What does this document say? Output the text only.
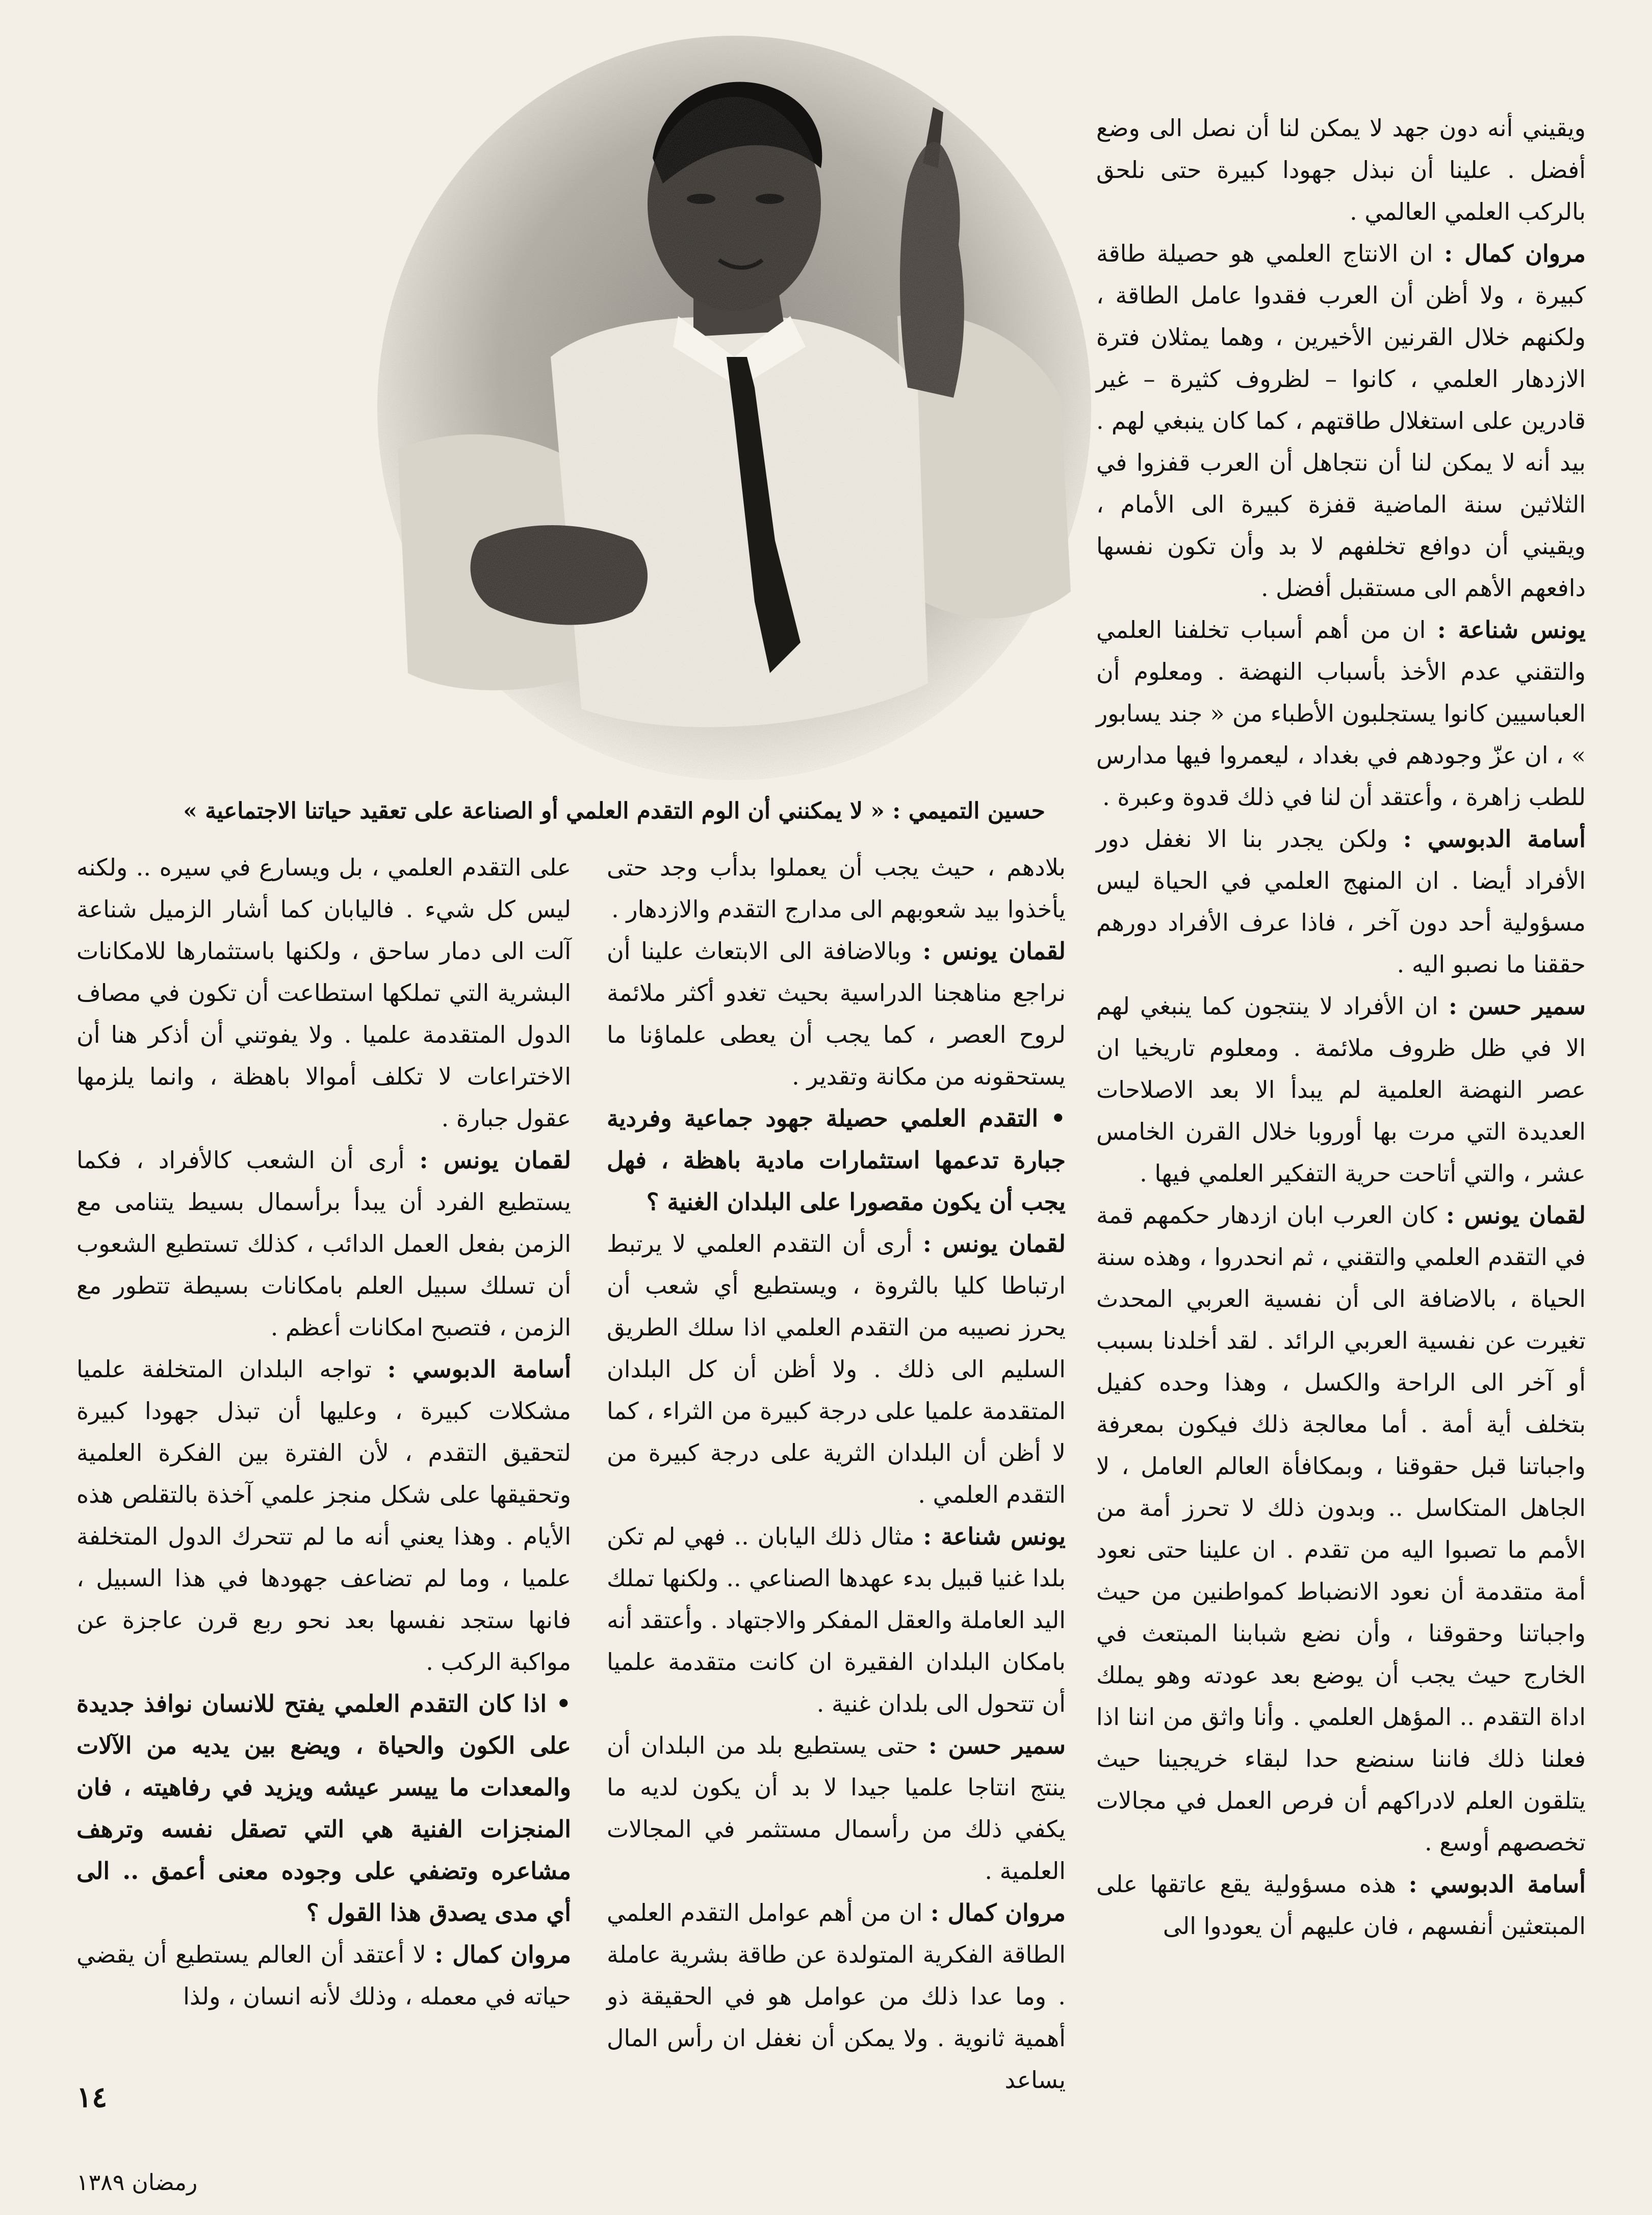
حسين التميمي : « لا يمكنني أن الوم التقدم العلمي أو الصناعة على تعقيد حياتنا الاجتماعية »

ويقيني أنه دون جهد لا يمكن لنا أن نصل الى وضع أفضل . علينا أن نبذل جهودا كبيرة حتى نلحق بالركب العلمي العالمي .

مروان كمال : ان الانتاج العلمي هو حصيلة طاقة كبيرة ، ولا أظن أن العرب فقدوا عامل الطاقة ، ولكنهم خلال القرنين الأخيرين ، وهما يمثلان فترة الازدهار العلمي ، كانوا – لظروف كثيرة – غير قادرين على استغلال طاقتهم ، كما كان ينبغي لهم . بيد أنه لا يمكن لنا أن نتجاهل أن العرب قفزوا في الثلاثين سنة الماضية قفزة كبيرة الى الأمام ، ويقيني أن دوافع تخلفهم لا بد وأن تكون نفسها دافعهم الأهم الى مستقبل أفضل .

يونس شناعة : ان من أهم أسباب تخلفنا العلمي والتقني عدم الأخذ بأسباب النهضة . ومعلوم أن العباسيين كانوا يستجلبون الأطباء من « جند يسابور » ، ان عزّ وجودهم في بغداد ، ليعمروا فيها مدارس للطب زاهرة ، وأعتقد أن لنا في ذلك قدوة وعبرة .

أسامة الدبوسي : ولكن يجدر بنا الا نغفل دور الأفراد أيضا . ان المنهج العلمي في الحياة ليس مسؤولية أحد دون آخر ، فاذا عرف الأفراد دورهم حققنا ما نصبو اليه .

سمير حسن : ان الأفراد لا ينتجون كما ينبغي لهم الا في ظل ظروف ملائمة . ومعلوم تاريخيا ان عصر النهضة العلمية لم يبدأ الا بعد الاصلاحات العديدة التي مرت بها أوروبا خلال القرن الخامس عشر ، والتي أتاحت حرية التفكير العلمي فيها .

لقمان يونس : كان العرب ابان ازدهار حكمهم قمة في التقدم العلمي والتقني ، ثم انحدروا ، وهذه سنة الحياة ، بالاضافة الى أن نفسية العربي المحدث تغيرت عن نفسية العربي الرائد . لقد أخلدنا بسبب أو آخر الى الراحة والكسل ، وهذا وحده كفيل بتخلف أية أمة . أما معالجة ذلك فيكون بمعرفة واجباتنا قبل حقوقنا ، وبمكافأة العالم العامل ، لا الجاهل المتكاسل .. وبدون ذلك لا تحرز أمة من الأمم ما تصبوا اليه من تقدم . ان علينا حتى نعود أمة متقدمة أن نعود الانضباط كمواطنين من حيث واجباتنا وحقوقنا ، وأن نضع شبابنا المبتعث في الخارج حيث يجب أن يوضع بعد عودته وهو يملك اداة التقدم .. المؤهل العلمي . وأنا واثق من اننا اذا فعلنا ذلك فاننا سنضع حدا لبقاء خريجينا حيث يتلقون العلم لادراكهم أن فرص العمل في مجالات تخصصهم أوسع .

أسامة الدبوسي : هذه مسؤولية يقع عاتقها على المبتعثين أنفسهم ، فان عليهم أن يعودوا الى

بلادهم ، حيث يجب أن يعملوا بدأب وجد حتى يأخذوا بيد شعوبهم الى مدارج التقدم والازدهار .

لقمان يونس : وبالاضافة الى الابتعاث علينا أن نراجع مناهجنا الدراسية بحيث تغدو أكثر ملائمة لروح العصر ، كما يجب أن يعطى علماؤنا ما يستحقونه من مكانة وتقدير .

• التقدم العلمي حصيلة جهود جماعية وفردية جبارة تدعمها استثمارات مادية باهظة ، فهل يجب أن يكون مقصورا على البلدان الغنية ؟

لقمان يونس : أرى أن التقدم العلمي لا يرتبط ارتباطا كليا بالثروة ، ويستطيع أي شعب أن يحرز نصيبه من التقدم العلمي اذا سلك الطريق السليم الى ذلك . ولا أظن أن كل البلدان المتقدمة علميا على درجة كبيرة من الثراء ، كما لا أظن أن البلدان الثرية على درجة كبيرة من التقدم العلمي .

يونس شناعة : مثال ذلك اليابان .. فهي لم تكن بلدا غنيا قبيل بدء عهدها الصناعي .. ولكنها تملك اليد العاملة والعقل المفكر والاجتهاد . وأعتقد أنه بامكان البلدان الفقيرة ان كانت متقدمة علميا أن تتحول الى بلدان غنية .

سمير حسن : حتى يستطيع بلد من البلدان أن ينتج انتاجا علميا جيدا لا بد أن يكون لديه ما يكفي ذلك من رأسمال مستثمر في المجالات العلمية .

مروان كمال : ان من أهم عوامل التقدم العلمي الطاقة الفكرية المتولدة عن طاقة بشرية عاملة . وما عدا ذلك من عوامل هو في الحقيقة ذو أهمية ثانوية . ولا يمكن أن نغفل ان رأس المال يساعد

على التقدم العلمي ، بل ويسارع في سيره .. ولكنه ليس كل شيء . فاليابان كما أشار الزميل شناعة آلت الى دمار ساحق ، ولكنها باستثمارها للامكانات البشرية التي تملكها استطاعت أن تكون في مصاف الدول المتقدمة علميا . ولا يفوتني أن أذكر هنا أن الاختراعات لا تكلف أموالا باهظة ، وانما يلزمها عقول جبارة .

لقمان يونس : أرى أن الشعب كالأفراد ، فكما يستطيع الفرد أن يبدأ برأسمال بسيط يتنامى مع الزمن بفعل العمل الدائب ، كذلك تستطيع الشعوب أن تسلك سبيل العلم بامكانات بسيطة تتطور مع الزمن ، فتصبح امكانات أعظم .

أسامة الدبوسي : تواجه البلدان المتخلفة علميا مشكلات كبيرة ، وعليها أن تبذل جهودا كبيرة لتحقيق التقدم ، لأن الفترة بين الفكرة العلمية وتحقيقها على شكل منجز علمي آخذة بالتقلص هذه الأيام . وهذا يعني أنه ما لم تتحرك الدول المتخلفة علميا ، وما لم تضاعف جهودها في هذا السبيل ، فانها ستجد نفسها بعد نحو ربع قرن عاجزة عن مواكبة الركب .

• اذا كان التقدم العلمي يفتح للانسان نوافذ جديدة على الكون والحياة ، ويضع بين يديه من الآلات والمعدات ما ييسر عيشه ويزيد في رفاهيته ، فان المنجزات الفنية هي التي تصقل نفسه وترهف مشاعره وتضفي على وجوده معنى أعمق .. الى أي مدى يصدق هذا القول ؟

مروان كمال : لا أعتقد أن العالم يستطيع أن يقضي حياته في معمله ، وذلك لأنه انسان ، ولذا

١٤
رمضان ١٣٨٩
